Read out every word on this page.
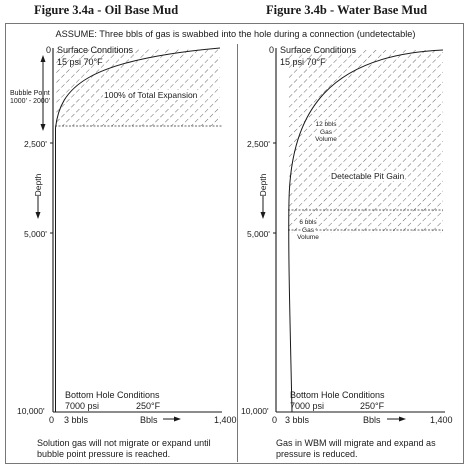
Figure 3.4a - Oil Base Mud	Figure 3.4b - Water Base Mud
ASSUME: Three bbls of gas is swabbed into the hole during a connection (undetectable)
0 Surface Conditions
15 psi 70°F
Bubble Point
1000' - 2000'
100% of Total Expansion
2,500'
5,000'
Depth
Bottom Hole Conditions
7000 psi	250°F
10,000'
0 3 bbls	Bbls	1,400
Solution gas will not migrate or expand until
bubble point pressure is reached.
0 Surface Conditions
15 psi 70°F
12 bbls
Gas
Volume
Detectable Pit Gain
6 bbls
Gas
Volume
2,500'
5,000'
Depth
Bottom Hole Conditions
7000 psi	250°F
10,000'
0 3 bbls	Bbls	1,400
Gas in WBM will migrate and expand as
pressure is reduced.
